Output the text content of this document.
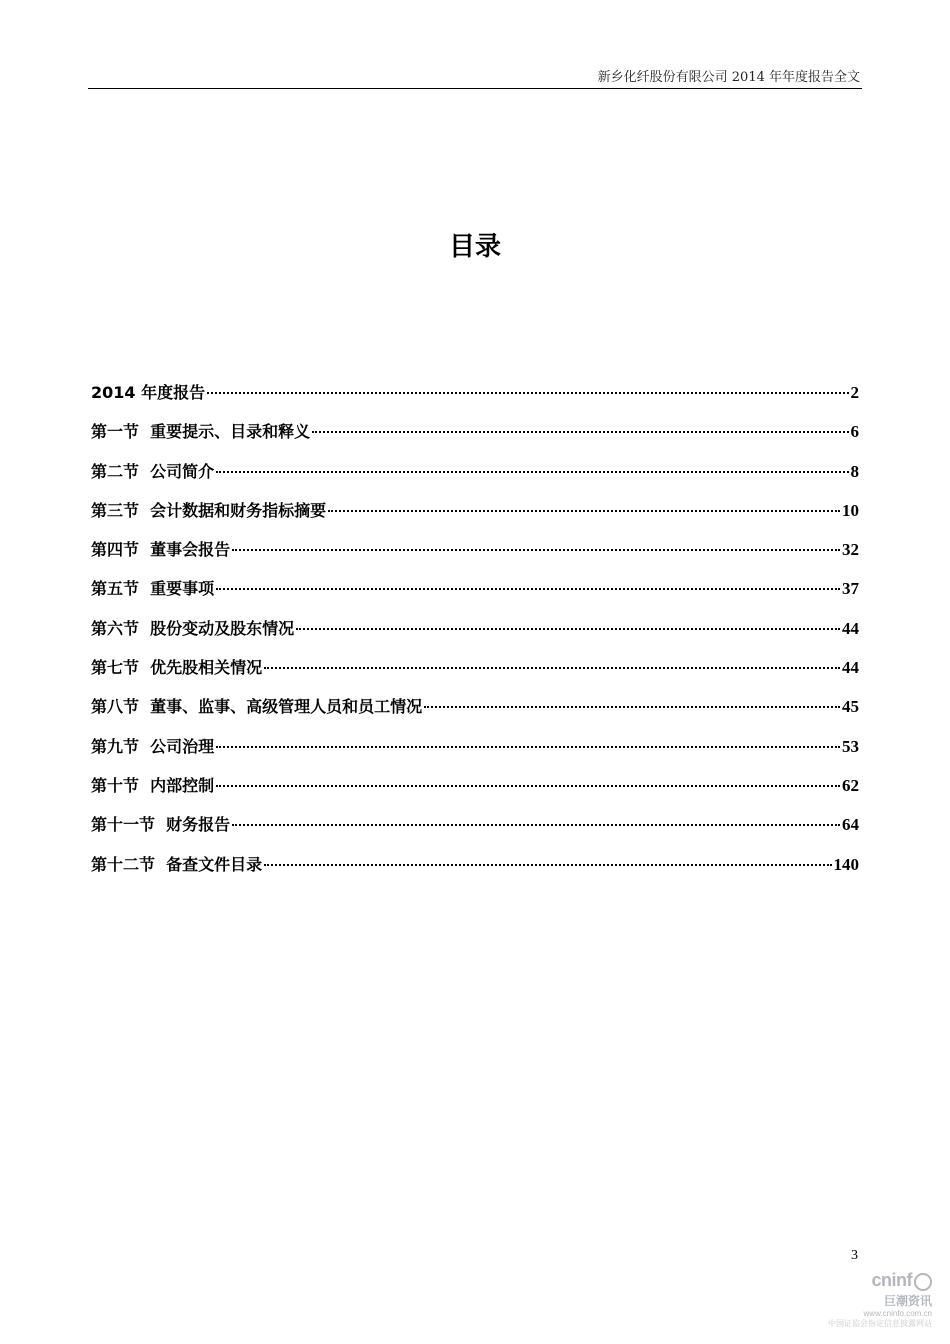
新乡化纤股份有限公司 2014 年年度报告全文
目录
2014 年度报告	2
第一节  重要提示、目录和释义	6
第二节  公司简介	8
第三节  会计数据和财务指标摘要	10
第四节  董事会报告	32
第五节  重要事项	37
第六节  股份变动及股东情况	44
第七节  优先股相关情况	44
第八节  董事、监事、高级管理人员和员工情况	45
第九节  公司治理	53
第十节  内部控制	62
第十一节  财务报告	64
第十二节  备查文件目录	140
3
cninf
巨潮资讯
www.cninfo.com.cn
中国证监会指定信息披露网站
